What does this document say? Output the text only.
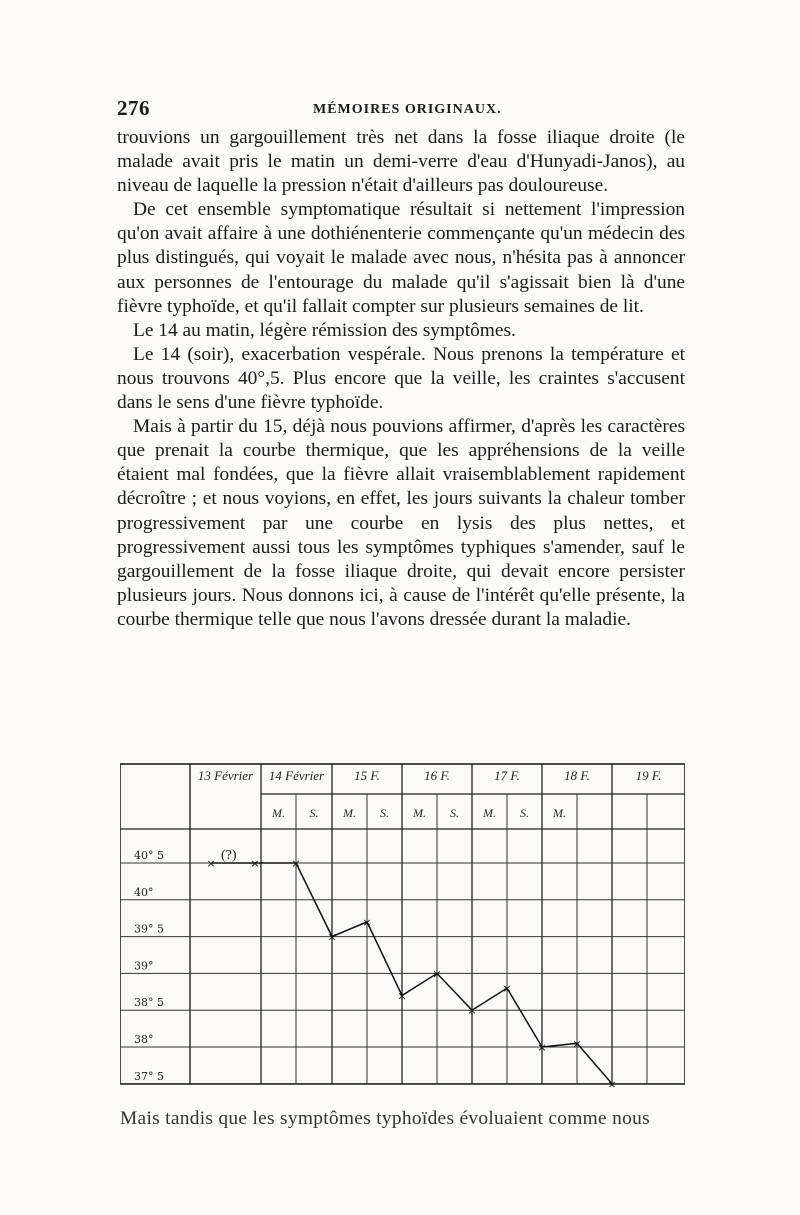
276	MÉMOIRES ORIGINAUX.

trouvions un gargouillement très net dans la fosse iliaque droite (le malade avait pris le matin un demi-verre d'eau d'Hunyadi-Janos), au niveau de laquelle la pression n'était d'ailleurs pas douloureuse.

De cet ensemble symptomatique résultait si nettement l'impression qu'on avait affaire à une dothiénenterie commençante qu'un médecin des plus distingués, qui voyait le malade avec nous, n'hésita pas à annoncer aux personnes de l'entourage du malade qu'il s'agissait bien là d'une fièvre typhoïde, et qu'il fallait compter sur plusieurs semaines de lit.

Le 14 au matin, légère rémission des symptômes.

Le 14 (soir), exacerbation vespérale. Nous prenons la température et nous trouvons 40°,5. Plus encore que la veille, les craintes s'accusent dans le sens d'une fièvre typhoïde.

Mais à partir du 15, déjà nous pouvions affirmer, d'après les caractères que prenait la courbe thermique, que les appréhensions de la veille étaient mal fondées, que la fièvre allait vraisemblablement rapidement décroître ; et nous voyions, en effet, les jours suivants la chaleur tomber progressivement par une courbe en lysis des plus nettes, et progressivement aussi tous les symptômes typhiques s'amender, sauf le gargouillement de la fosse iliaque droite, qui devait encore persister plusieurs jours. Nous donnons ici, à cause de l'intérêt qu'elle présente, la courbe thermique telle que nous l'avons dressée durant la maladie.

13 Février 14 Février 15 F.	16 F.	17 F.	18 F.	19 F.
M. S. M. S. M. S. M. S. M.
40° 5
40°
39° 5
39°
38° 5
38°
37° 5
(?)
×	×	×
×
×
×
×
×
×
× ×
×
Mais tandis que les symptômes typhoïdes évoluaient comme nous
